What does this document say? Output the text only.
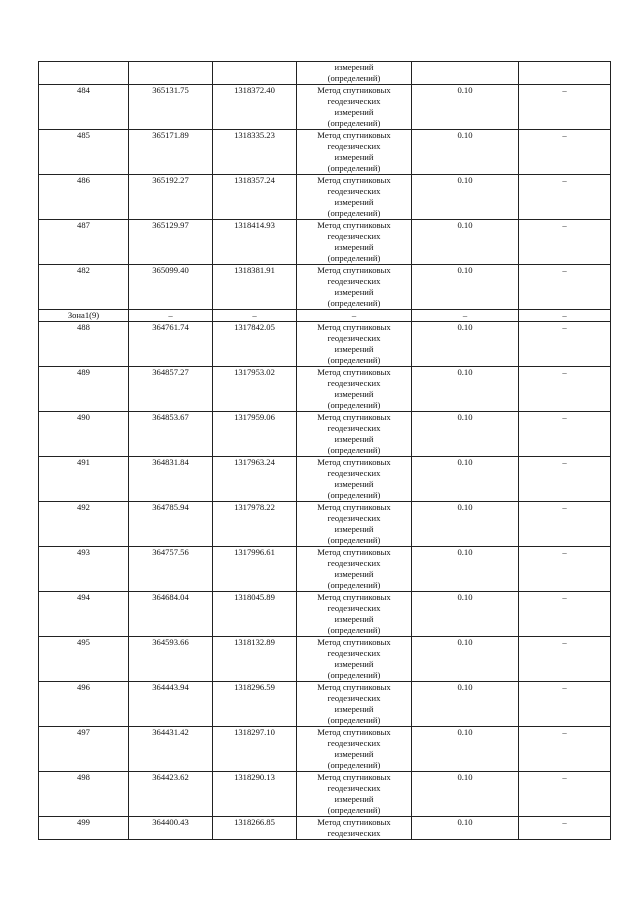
			измерений
(определений)		

484	365131.75	1318372.40	Метод спутниковых
геодезических
измерений
(определений)	0.10	–
485	365171.89	1318335.23	Метод спутниковых
геодезических
измерений
(определений)	0.10	–
486	365192.27	1318357.24	Метод спутниковых
геодезических
измерений
(определений)	0.10	–
487	365129.97	1318414.93	Метод спутниковых
геодезических
измерений
(определений)	0.10	–
482	365099.40	1318381.91	Метод спутниковых
геодезических
измерений
(определений)	0.10	–
Зона1(9)	–	–	–	–	–
488	364761.74	1317842.05	Метод спутниковых
геодезических
измерений
(определений)	0.10	–
489	364857.27	1317953.02	Метод спутниковых
геодезических
измерений
(определений)	0.10	–
490	364853.67	1317959.06	Метод спутниковых
геодезических
измерений
(определений)	0.10	–
491	364831.84	1317963.24	Метод спутниковых
геодезических
измерений
(определений)	0.10	–
492	364785.94	1317978.22	Метод спутниковых
геодезических
измерений
(определений)	0.10	–
493	364757.56	1317996.61	Метод спутниковых
геодезических
измерений
(определений)	0.10	–
494	364684.04	1318045.89	Метод спутниковых
геодезических
измерений
(определений)	0.10	–
495	364593.66	1318132.89	Метод спутниковых
геодезических
измерений
(определений)	0.10	–
496	364443.94	1318296.59	Метод спутниковых
геодезических
измерений
(определений)	0.10	–
497	364431.42	1318297.10	Метод спутниковых
геодезических
измерений
(определений)	0.10	–
498	364423.62	1318290.13	Метод спутниковых
геодезических
измерений
(определений)	0.10	–
499	364400.43	1318266.85	Метод спутниковых
геодезических	0.10	–
